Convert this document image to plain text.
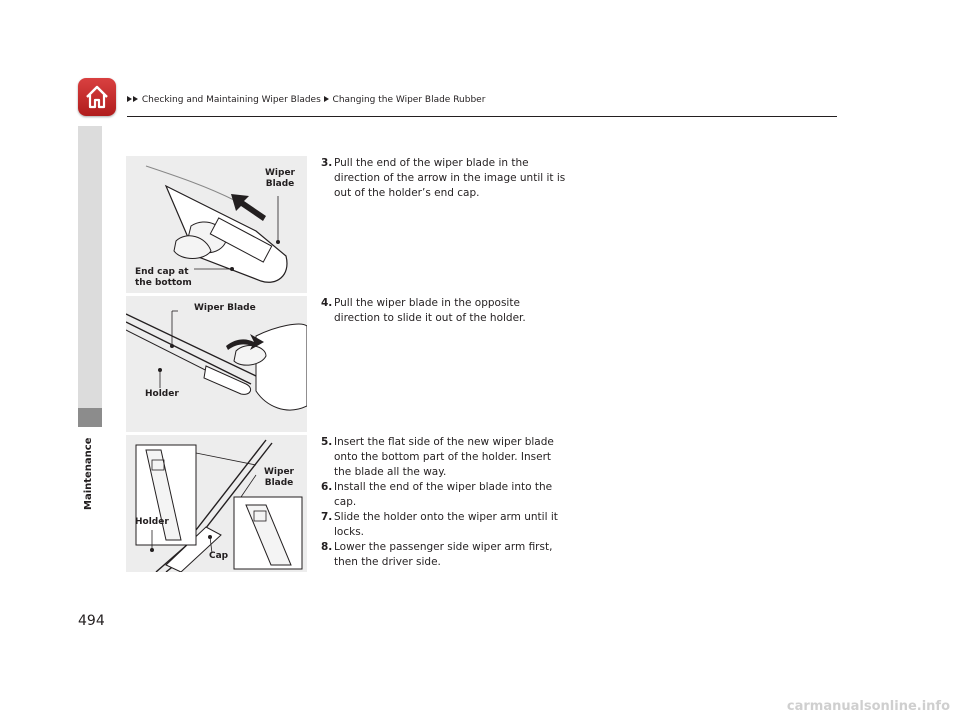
Checking and Maintaining Wiper Blades Changing the Wiper Blade Rubber
Maintenance
494
Wiper
Blade
End cap at
the bottom
Wiper Blade
Holder
Wiper
Blade
Holder
Cap
3. Pull the end of the wiper blade in the direction of the arrow in the image until it is out of the holder’s end cap.
4. Pull the wiper blade in the opposite direction to slide it out of the holder.
5. Insert the flat side of the new wiper blade onto the bottom part of the holder. Insert the blade all the way.
6. Install the end of the wiper blade into the cap.
7. Slide the holder onto the wiper arm until it locks.
8. Lower the passenger side wiper arm first, then the driver side.
carmanualsonline.info
